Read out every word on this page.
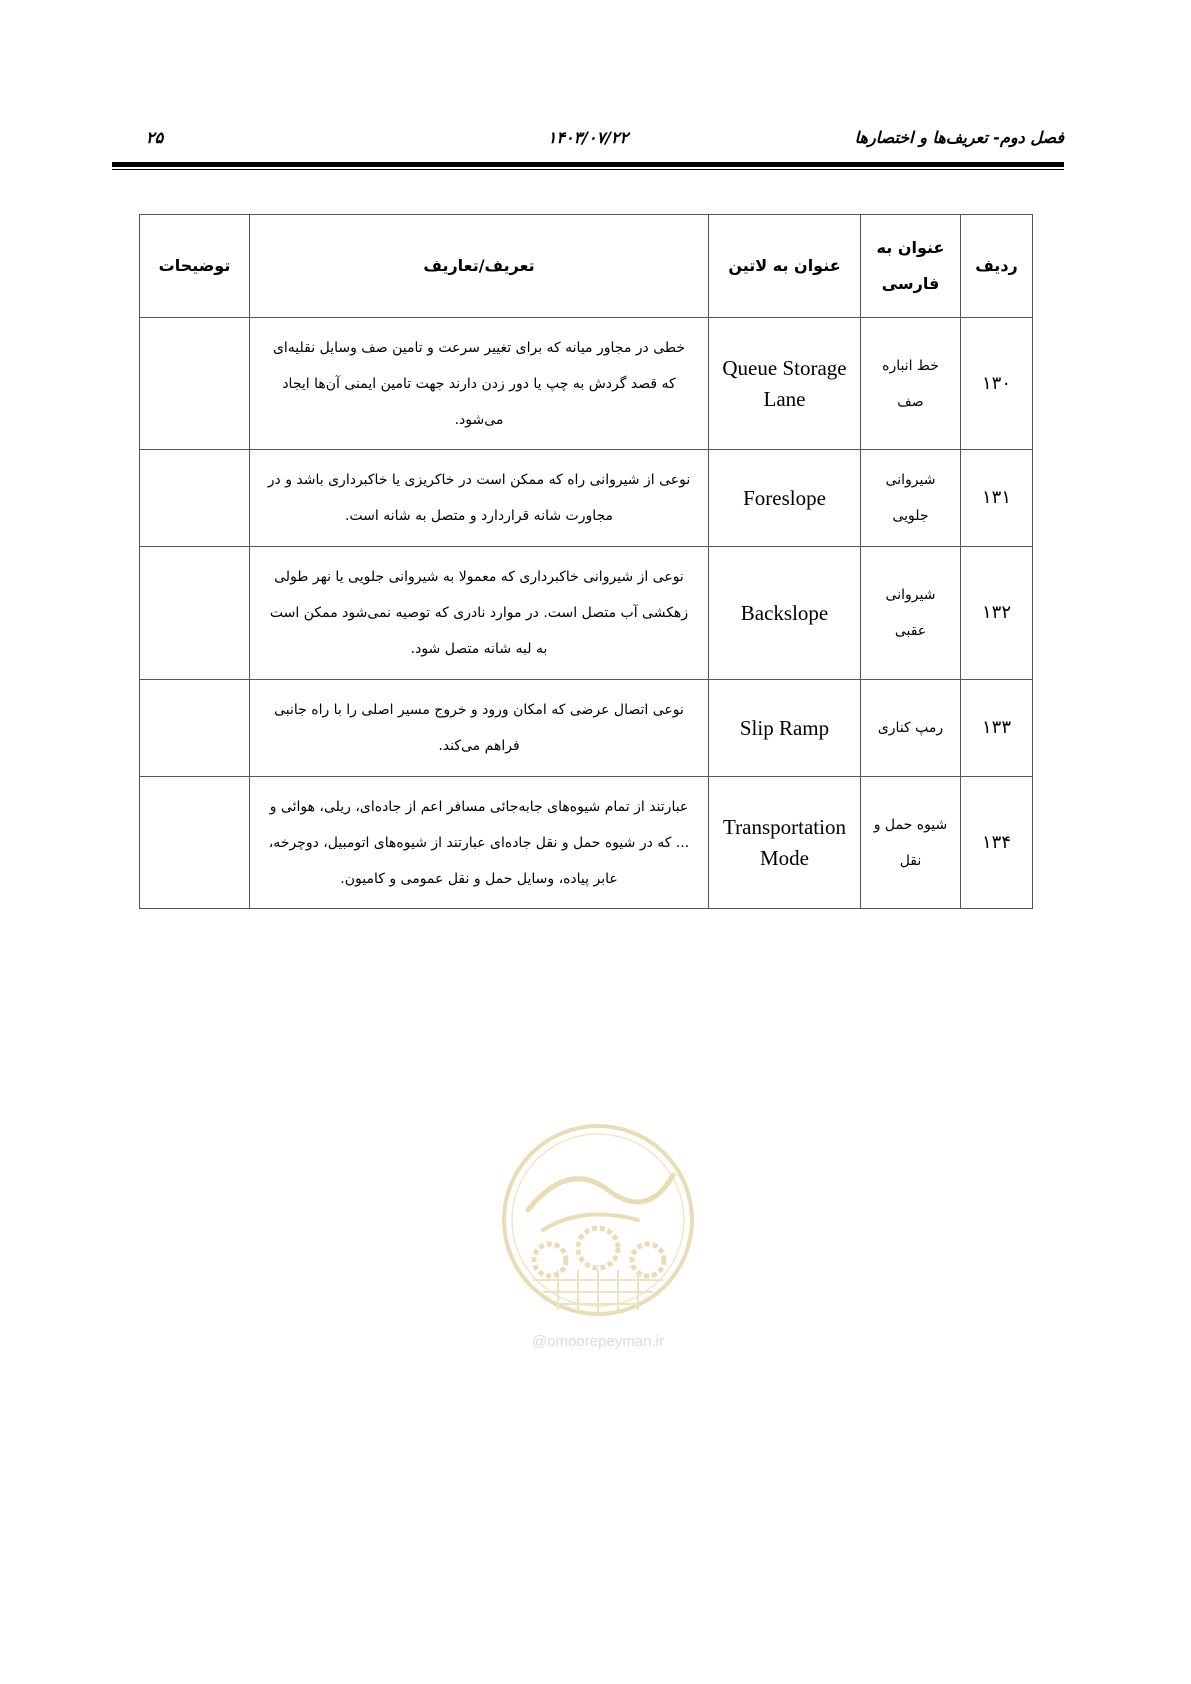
فصل دوم- تعریف‌ها و اختصارها
۱۴۰۳/۰۷/۲۲
۲۵
ردیف	عنوان به فارسی	عنوان به لاتین	تعریف/تعاریف	توضیحات
۱۳۰	خط انباره صف	Queue Storage Lane	خطی در مجاور میانه که برای تغییر سرعت و تامین صف وسایل نقلیه‌ای که قصد گردش به چپ یا دور زدن دارند جهت تامین ایمنی آن‌ها ایجاد می‌شود.	
۱۳۱	شیروانی جلویی	Foreslope	نوعی از شیروانی راه که ممکن است در خاکریزی یا خاکبرداری باشد و در مجاورت شانه قراردارد و متصل به شانه است.	
۱۳۲	شیروانی عقبی	Backslope	نوعی از شیروانی خاکبرداری که معمولا به شیروانی جلویی یا نهر طولی زهکشی آب متصل است. در موارد نادری که توصیه نمی‌شود ممکن است به لبه شانه متصل شود.	
۱۳۳	رمپ کناری	Slip Ramp	نوعی اتصال عرضی که امکان ورود و خروج مسیر اصلی را با راه جانبی فراهم می‌کند.	
۱۳۴	شیوه حمل و نقل	Transportation Mode	عبارتند از تمام شیوه‌های جابه‌جائی مسافر اعم از جاده‌ای، ریلی، هوائی و ... که در شیوه حمل و نقل جاده‌ای عبارتند از شیوه‌های اتومبیل، دوچرخه، عابر پیاده، وسایل حمل و نقل عمومی و کامیون.	
@omoorepeyman.ir
